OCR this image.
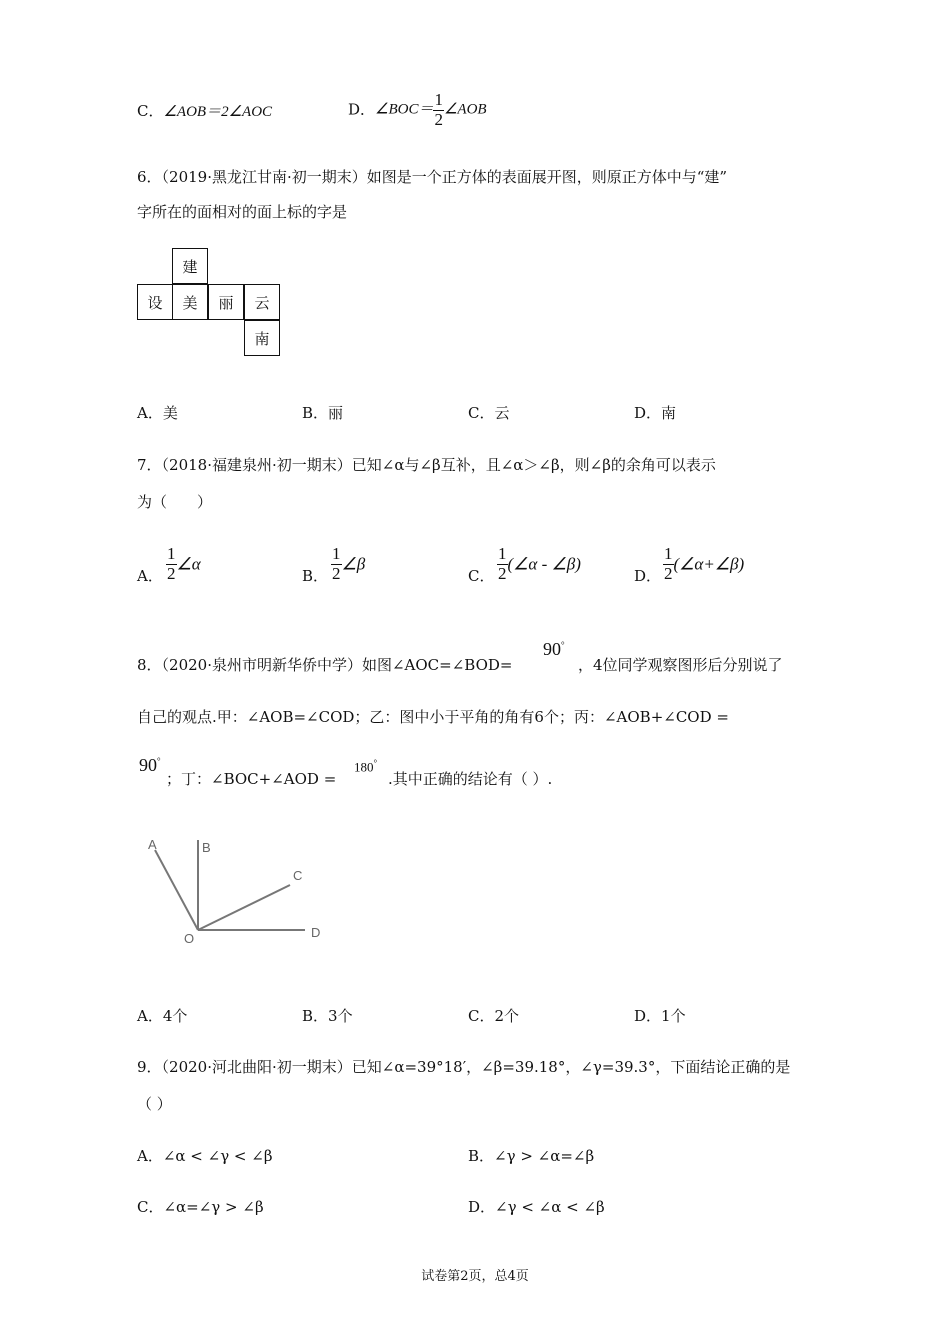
C．∠AOB＝2∠AOC	D．∠BOC＝ $\frac{1}{2}$ ∠AOB
6．（2019·黑龙江甘南·初一期末）如图是一个正方体的表面展开图，则原正方体中与“建”
字所在的面相对的面上标的字是
建
设	美	丽	云
南
A．美	B．丽	C．云	D．南
7．（2018·福建泉州·初一期末）已知∠α与∠β互补，且∠α＞∠β，则∠β的余角可以表示
为（　　）
A． $\frac{1}{2}$ ∠α
B． $\frac{1}{2}$ ∠β
C． $\frac{1}{2}$ (∠α - ∠β)
D． $\frac{1}{2}$ (∠α+∠β)
8．（2020·泉州市明新华侨中学）如图∠AOC=∠BOD=
90°
，4位同学观察图形后分别说了
自己的观点.甲：∠AOB=∠COD；乙：图中小于平角的角有6个；丙：∠AOB+∠COD =
90°
；丁：∠BOC+∠AOD =
180°
.其中正确的结论有（ ）.
A	B
C
O	D
A．4个	B．3个	C．2个	D．1个
9．（2020·河北曲阳·初一期末）已知∠α=39°18′，∠β=39.18°，∠γ=39.3°，下面结论正确的是
（ ）
A．∠α < ∠γ < ∠β	B．∠γ > ∠α=∠β
C．∠α=∠γ > ∠β	D．∠γ < ∠α < ∠β
试卷第2页，总4页
